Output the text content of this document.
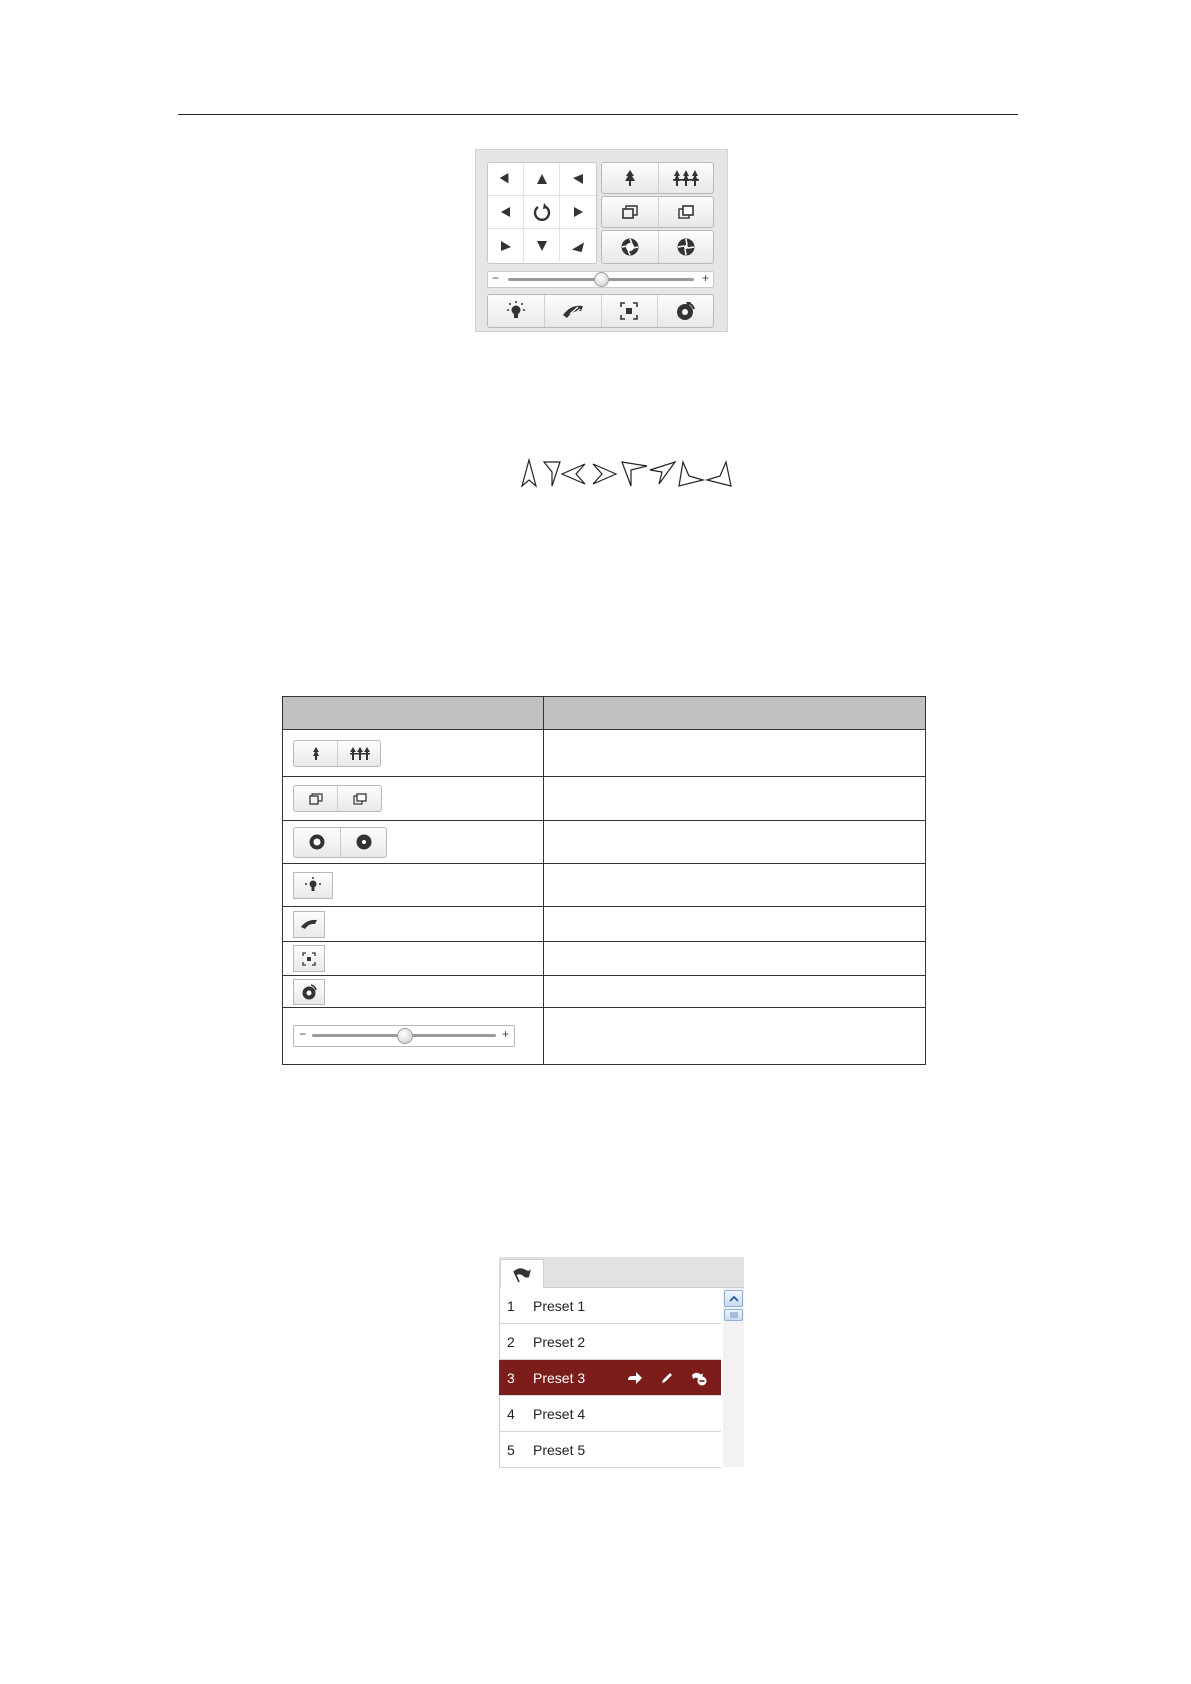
−	+

− +	

1	Preset 1
2	Preset 2
3	Preset 3
4	Preset 4
5	Preset 5
